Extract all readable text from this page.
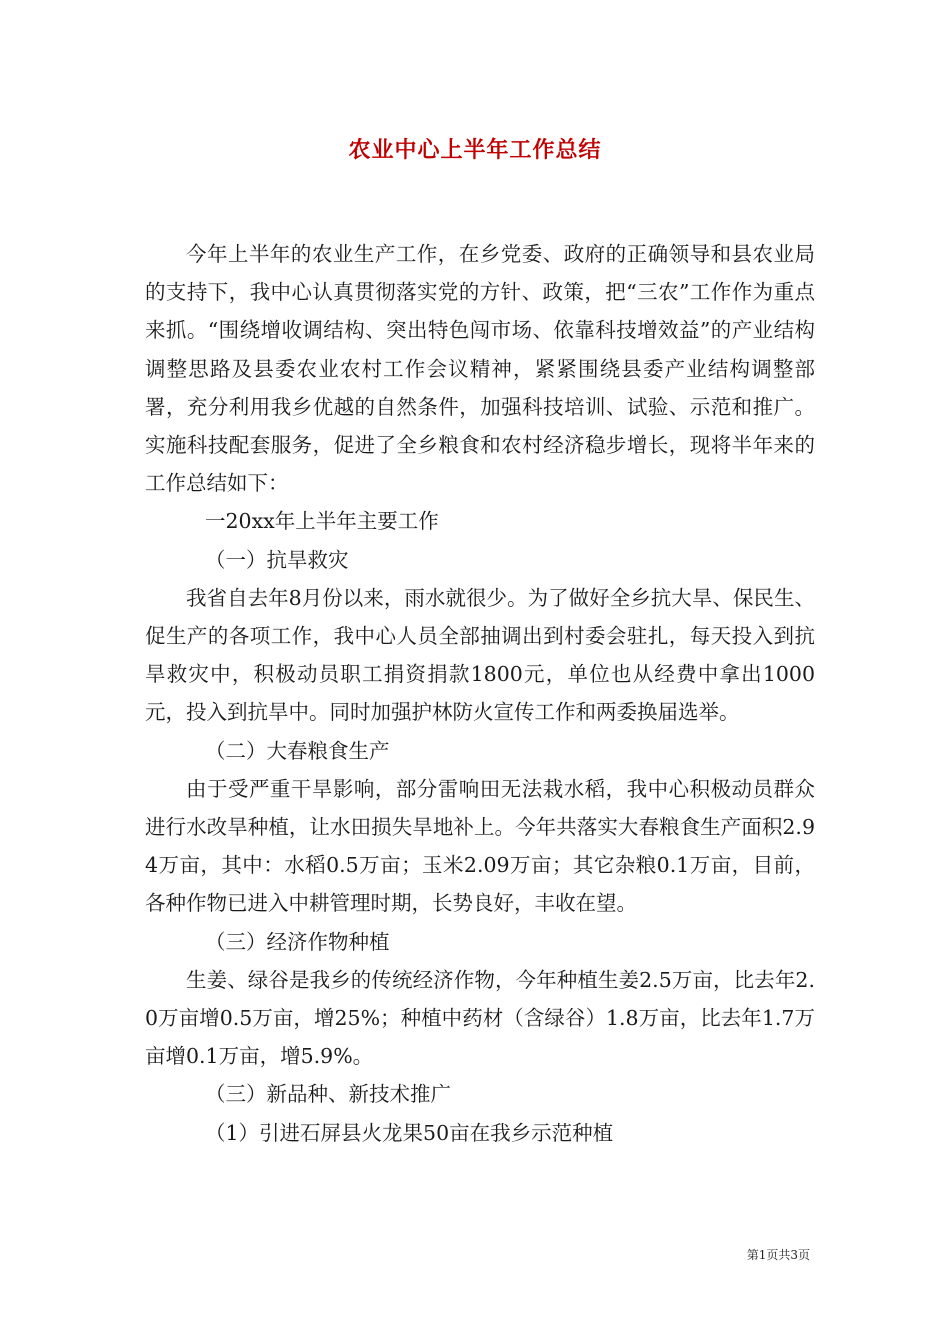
农业中心上半年工作总结

今年上半年的农业生产工作，在乡党委、政府的正确领导和县农业局的支持下，我中心认真贯彻落实党的方针、政策，把“三农”工作作为重点来抓。“围绕增收调结构、突出特色闯市场、依靠科技增效益”的产业结构调整思路及县委农业农村工作会议精神，紧紧围绕县委产业结构调整部署，充分利用我乡优越的自然条件，加强科技培训、试验、示范和推广。实施科技配套服务，促进了全乡粮食和农村经济稳步增长，现将半年来的工作总结如下：

一20xx年上半年主要工作

（一）抗旱救灾

我省自去年8月份以来，雨水就很少。为了做好全乡抗大旱、保民生、促生产的各项工作，我中心人员全部抽调出到村委会驻扎，每天投入到抗旱救灾中，积极动员职工捐资捐款1800元，单位也从经费中拿出1000元，投入到抗旱中。同时加强护林防火宣传工作和两委换届选举。

（二）大春粮食生产

由于受严重干旱影响，部分雷响田无法栽水稻，我中心积极动员群众进行水改旱种植，让水田损失旱地补上。今年共落实大春粮食生产面积2.94万亩，其中：水稻0.5万亩；玉米2.09万亩；其它杂粮0.1万亩，目前，各种作物已进入中耕管理时期，长势良好，丰收在望。

（三）经济作物种植

生姜、绿谷是我乡的传统经济作物，今年种植生姜2.5万亩，比去年2.0万亩增0.5万亩，增25%；种植中药材（含绿谷）1.8万亩，比去年1.7万亩增0.1万亩，增5.9%。

（三）新品种、新技术推广

（1）引进石屏县火龙果50亩在我乡示范种植

第1页共3页
